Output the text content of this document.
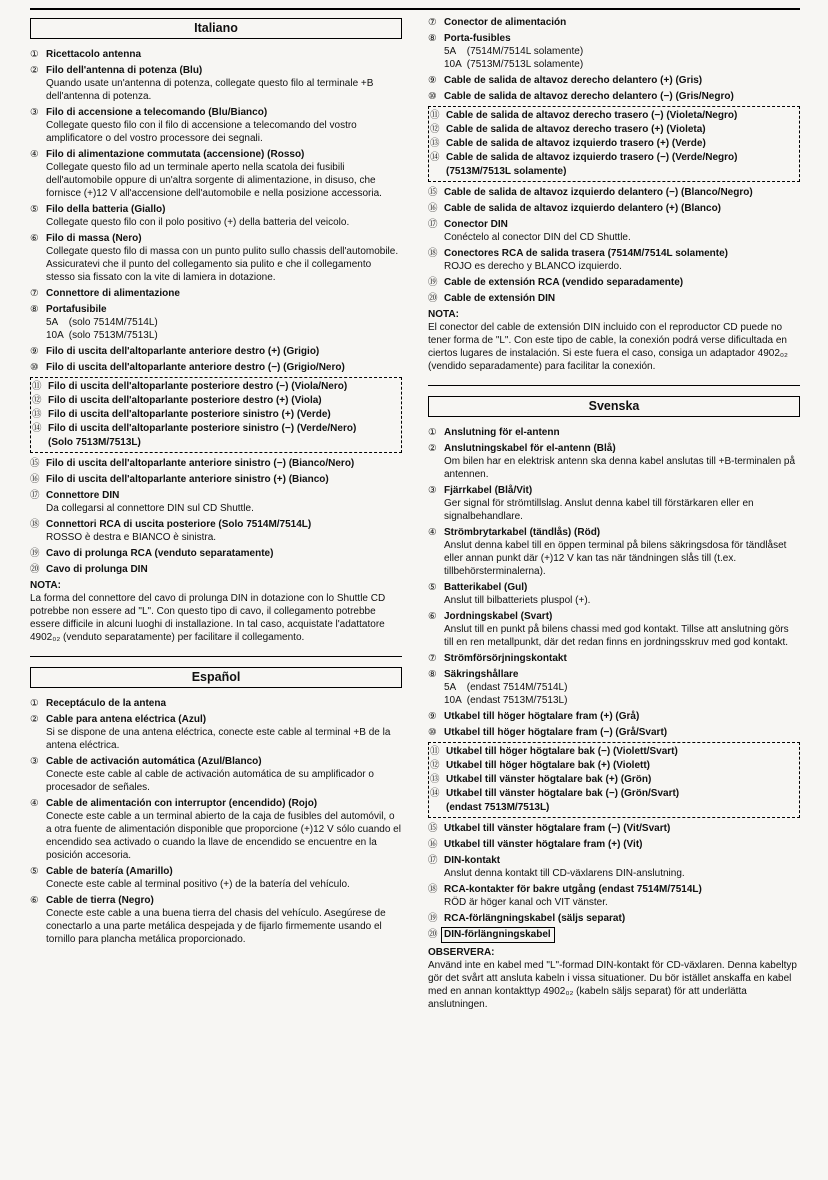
Italiano
① Ricettacolo antenna
② Filo dell'antenna di potenza (Blu)
Quando usate un'antenna di potenza, collegate questo filo al terminale +B dell'antenna di potenza.
③ Filo di accensione a telecomando (Blu/Bianco)
Collegate questo filo con il filo di accensione a telecomando del vostro amplificatore o del vostro processore dei segnali.
④ Filo di alimentazione commutata (accensione) (Rosso)
Collegate questo filo ad un terminale aperto nella scatola dei fusibili dell'automobile oppure di un'altra sorgente di alimentazione, in disuso, che fornisce (+)12 V all'accensione dell'automobile e nella posizione accessoria.
⑤ Filo della batteria (Giallo)
Collegate questo filo con il polo positivo (+) della batteria del veicolo.
⑥ Filo di massa (Nero)
Collegate questo filo di massa con un punto pulito sullo chassis dell'automobile. Assicuratevi che il punto del collegamento sia pulito e che il collegamento stesso sia fissato con la vite di lamiera in dotazione.
⑦ Connettore di alimentazione
⑧ Portafusibile
5A    (solo 7514M/7514L)
10A  (solo 7513M/7513L)
⑨ Filo di uscita dell'altoparlante anteriore destro (+) (Grigio)
⑩ Filo di uscita dell'altoparlante anteriore destro (−) (Grigio/Nero)
⑪ Filo di uscita dell'altoparlante posteriore destro (−) (Viola/Nero)
⑫ Filo di uscita dell'altoparlante posteriore destro (+) (Viola)
⑬ Filo di uscita dell'altoparlante posteriore sinistro (+) (Verde)
⑭ Filo di uscita dell'altoparlante posteriore sinistro (−) (Verde/Nero)
(Solo 7513M/7513L)
⑮ Filo di uscita dell'altoparlante anteriore sinistro (−) (Bianco/Nero)
⑯ Filo di uscita dell'altoparlante anteriore sinistro (+) (Bianco)
⑰ Connettore DIN
Da collegarsi al connettore DIN sul CD Shuttle.
⑱ Connettori RCA di uscita posteriore (Solo 7514M/7514L)
ROSSO è destra e BIANCO è sinistra.
⑲ Cavo di prolunga RCA (venduto separatamente)
⑳ Cavo di prolunga DIN
NOTA:
La forma del connettore del cavo di prolunga DIN in dotazione con lo Shuttle CD potrebbe non essere ad "L". Con questo tipo di cavo, il collegamento potrebbe essere difficile in alcuni luoghi di installazione. In tal caso, acquistate l'adattatore 4902₀₂ (venduto separatamente) per facilitare il collegamento.
Español
① Receptáculo de la antena
② Cable para antena eléctrica (Azul)
Si se dispone de una antena eléctrica, conecte este cable al terminal +B de la antena eléctrica.
③ Cable de activación automática (Azul/Blanco)
Conecte este cable al cable de activación automática de su amplificador o procesador de señales.
④ Cable de alimentación con interruptor (encendido) (Rojo)
Conecte este cable a un terminal abierto de la caja de fusibles del automóvil, o a otra fuente de alimentación disponible que proporcione (+)12 V sólo cuando el encendido sea activado o cuando la llave de encendido se encuentre en la posición accesoria.
⑤ Cable de batería (Amarillo)
Conecte este cable al terminal positivo (+) de la batería del vehículo.
⑥ Cable de tierra (Negro)
Conecte este cable a una buena tierra del chasis del vehículo. Asegúrese de conectarlo a una parte metálica despejada y de fijarlo firmemente usando el tornillo para plancha metálica proporcionado.
⑦ Conector de alimentación
⑧ Porta-fusibles
5A    (7514M/7514L solamente)
10A  (7513M/7513L solamente)
⑨ Cable de salida de altavoz derecho delantero (+) (Gris)
⑩ Cable de salida de altavoz derecho delantero (−) (Gris/Negro)
⑪ Cable de salida de altavoz derecho trasero (−) (Violeta/Negro)
⑫ Cable de salida de altavoz derecho trasero (+) (Violeta)
⑬ Cable de salida de altavoz izquierdo trasero (+) (Verde)
⑭ Cable de salida de altavoz izquierdo trasero (−) (Verde/Negro)
(7513M/7513L solamente)
⑮ Cable de salida de altavoz izquierdo delantero (−) (Blanco/Negro)
⑯ Cable de salida de altavoz izquierdo delantero (+) (Blanco)
⑰ Conector DIN
Conéctelo al conector DIN del CD Shuttle.
⑱ Conectores RCA de salida trasera (7514M/7514L solamente)
ROJO es derecho y BLANCO izquierdo.
⑲ Cable de extensión RCA (vendido separadamente)
⑳ Cable de extensión DIN
NOTA:
El conector del cable de extensión DIN incluido con el reproductor CD puede no tener forma de "L". Con este tipo de cable, la conexión podrá verse dificultada en ciertos lugares de instalación. Si este fuera el caso, consiga un adaptador 4902₀₂ (vendido separadamente) para facilitar la conexión.
Svenska
① Anslutning för el-antenn
② Anslutningskabel för el-antenn (Blå)
Om bilen har en elektrisk antenn ska denna kabel anslutas till +B-terminalen på antennen.
③ Fjärrkabel (Blå/Vit)
Ger signal för strömtillslag. Anslut denna kabel till förstärkaren eller en signalbehandlare.
④ Strömbrytarkabel (tändlås) (Röd)
Anslut denna kabel till en öppen terminal på bilens säkringsdosa för tändlåset eller annan punkt där (+)12 V kan tas när tändningen slås till (t.ex. tillbehörsterminalerna).
⑤ Batterikabel (Gul)
Anslut till bilbatteriets pluspol (+).
⑥ Jordningskabel (Svart)
Anslut till en punkt på bilens chassi med god kontakt. Tillse att anslutning görs till en ren metallpunkt, där det redan finns en jordningsskruv med god kontakt.
⑦ Strömförsörjningskontakt
⑧ Säkringshållare
5A    (endast 7514M/7514L)
10A  (endast 7513M/7513L)
⑨ Utkabel till höger högtalare fram (+) (Grå)
⑩ Utkabel till höger högtalare fram (−) (Grå/Svart)
⑪ Utkabel till höger högtalare bak (−) (Violett/Svart)
⑫ Utkabel till höger högtalare bak (+) (Violett)
⑬ Utkabel till vänster högtalare bak (+) (Grön)
⑭ Utkabel till vänster högtalare bak (−) (Grön/Svart)
(endast 7513M/7513L)
⑮ Utkabel till vänster högtalare fram (−) (Vit/Svart)
⑯ Utkabel till vänster högtalare fram (+) (Vit)
⑰ DIN-kontakt
Anslut denna kontakt till CD-växlarens DIN-anslutning.
⑱ RCA-kontakter för bakre utgång (endast 7514M/7514L)
RÖD är höger kanal och VIT vänster.
⑲ RCA-förlängningskabel (säljs separat)
⑳ DIN-förlängningskabel
OBSERVERA:
Använd inte en kabel med "L"-formad DIN-kontakt för CD-växlaren. Denna kabeltyp gör det svårt att ansluta kabeln i vissa situationer. Du bör istället anskaffa en kabel med en annan kontakttyp 4902₀₂ (kabeln säljs separat) för att underlätta anslutningen.
